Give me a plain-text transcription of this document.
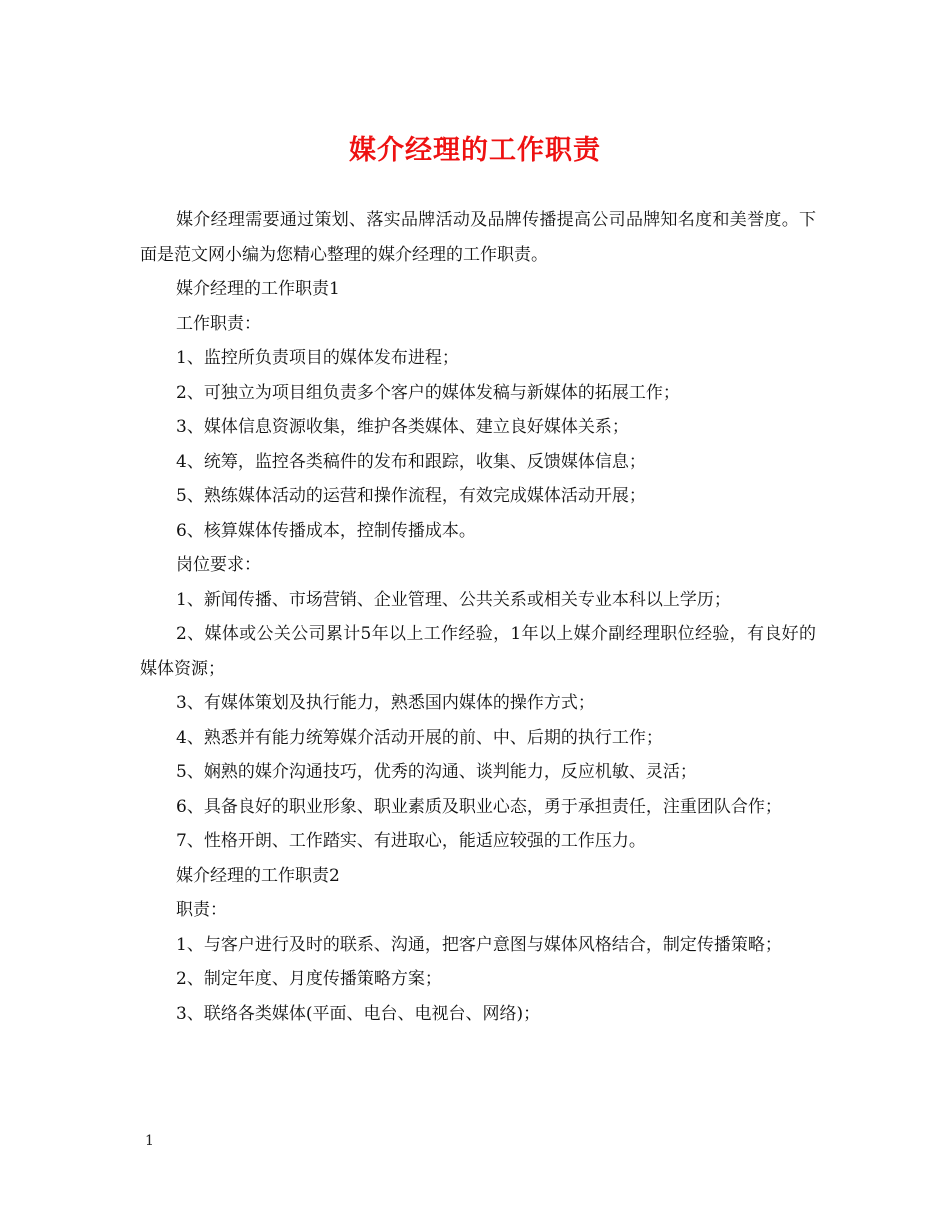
媒介经理的工作职责

媒介经理需要通过策划、落实品牌活动及品牌传播提高公司品牌知名度和美誉度。下面是范文网小编为您精心整理的媒介经理的工作职责。

媒介经理的工作职责1

工作职责：

1、监控所负责项目的媒体发布进程；

2、可独立为项目组负责多个客户的媒体发稿与新媒体的拓展工作；

3、媒体信息资源收集，维护各类媒体、建立良好媒体关系；

4、统筹，监控各类稿件的发布和跟踪，收集、反馈媒体信息；

5、熟练媒体活动的运营和操作流程，有效完成媒体活动开展；

6、核算媒体传播成本，控制传播成本。

岗位要求：

1、新闻传播、市场营销、企业管理、公共关系或相关专业本科以上学历；

2、媒体或公关公司累计5年以上工作经验，1年以上媒介副经理职位经验，有良好的媒体资源；

3、有媒体策划及执行能力，熟悉国内媒体的操作方式；

4、熟悉并有能力统筹媒介活动开展的前、中、后期的执行工作；

5、娴熟的媒介沟通技巧，优秀的沟通、谈判能力，反应机敏、灵活；

6、具备良好的职业形象、职业素质及职业心态，勇于承担责任，注重团队合作；

7、性格开朗、工作踏实、有进取心，能适应较强的工作压力。

媒介经理的工作职责2

职责：

1、与客户进行及时的联系、沟通，把客户意图与媒体风格结合，制定传播策略；

2、制定年度、月度传播策略方案；

3、联络各类媒体(平面、电台、电视台、网络)；

1
